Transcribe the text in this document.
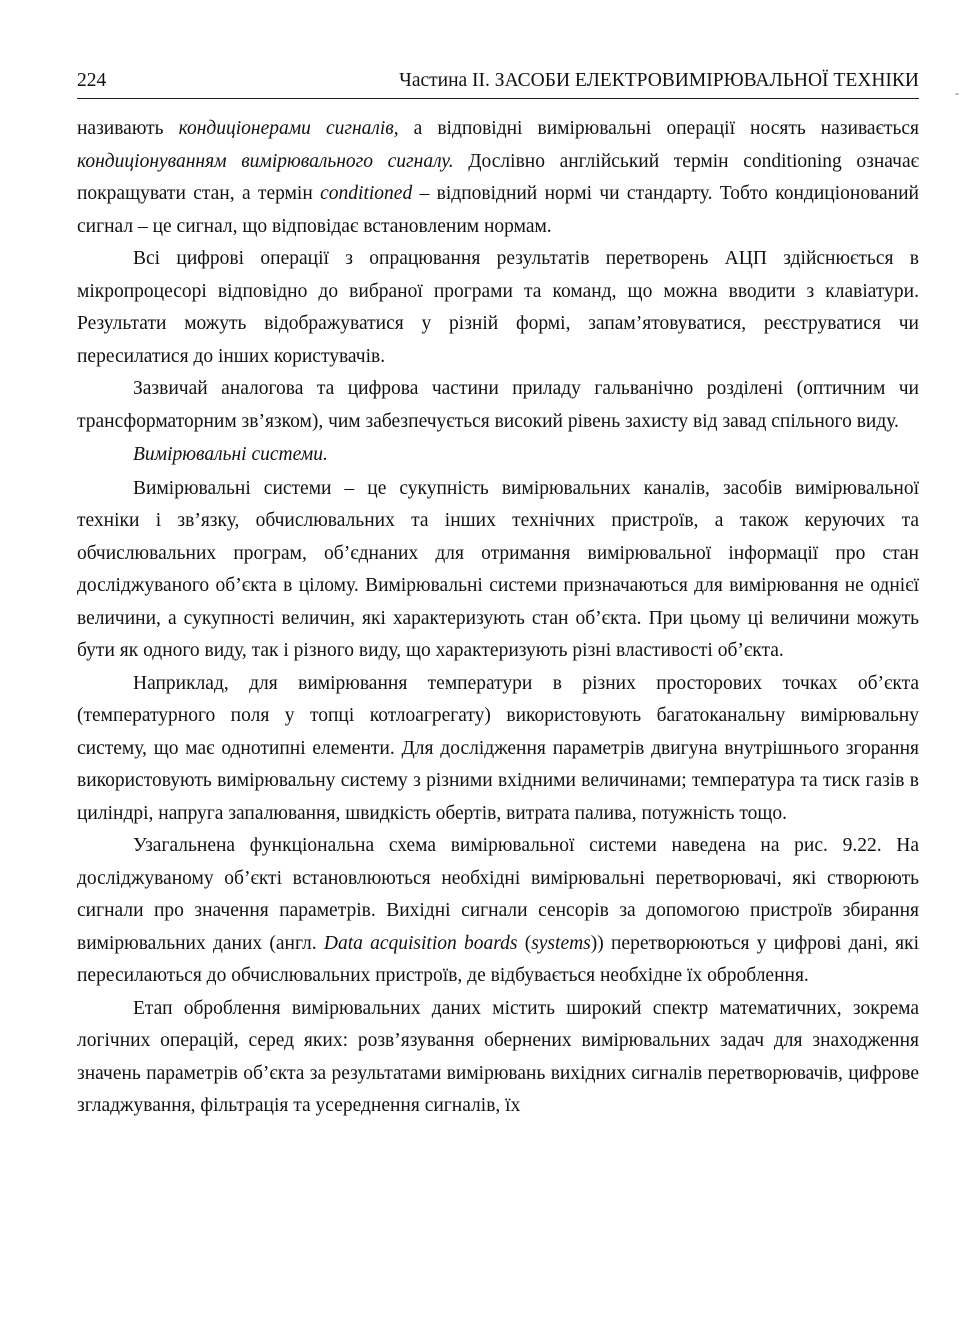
224	Частина II. ЗАСОБИ ЕЛЕКТРОВИМІРЮВАЛЬНОЇ ТЕХНІКИ

називають кондиціонерами сигналів, а відповідні вимірювальні операції носять називається кондиціонуванням вимірювального сигналу. Дослівно англійський термін conditioning означає покращувати стан, а термін conditioned – відповідний нормі чи стандарту. Тобто кондиціонований сигнал – це сигнал, що відповідає встановленим нормам.

Всі цифрові операції з опрацювання результатів перетворень АЦП здійснюється в мікропроцесорі відповідно до вибраної програми та команд, що можна вводити з клавіатури. Результати можуть відображуватися у різній формі, запам’ятовуватися, реєструватися чи пересилатися до інших користувачів.

Зазвичай аналогова та цифрова частини приладу гальванічно розділені (оптичним чи трансформаторним зв’язком), чим забезпечується високий рівень захисту від завад спільного виду.

Вимірювальні системи.

Вимірювальні системи – це сукупність вимірювальних каналів, засобів вимірювальної техніки і зв’язку, обчислювальних та інших технічних пристроїв, а також керуючих та обчислювальних програм, об’єднаних для отримання вимірювальної інформації про стан досліджуваного об’єкта в цілому. Вимірювальні системи призначаються для вимірювання не однієї величини, а сукупності величин, які характеризують стан об’єкта. При цьому ці величини можуть бути як одного виду, так і різного виду, що характеризують різні властивості об’єкта.

Наприклад, для вимірювання температури в різних просторових точках об’єкта (температурного поля у топці котлоагрегату) використовують багатоканальну вимірювальну систему, що має однотипні елементи. Для дослідження параметрів двигуна внутрішнього згорання використовують вимірювальну систему з різними вхідними величинами; температура та тиск газів в циліндрі, напруга запалювання, швидкість обертів, витрата палива, потужність тощо.

Узагальнена функціональна схема вимірювальної системи наведена на рис. 9.22. На досліджуваному об’єкті встановлюються необхідні вимірювальні перетворювачі, які створюють сигнали про значення параметрів. Вихідні сигнали сенсорів за допомогою пристроїв збирання вимірювальних даних (англ. Data acquisition boards (systems)) перетворюються у цифрові дані, які пересилаються до обчислювальних пристроїв, де відбувається необхідне їх оброблення.

Етап оброблення вимірювальних даних містить широкий спектр математичних, зокрема логічних операцій, серед яких: розв’язування обернених вимірювальних задач для знаходження значень параметрів об’єкта за результатами вимірювань вихідних сигналів перетворювачів, цифрове згладжування, фільтрація та усереднення сигналів, їх

-
